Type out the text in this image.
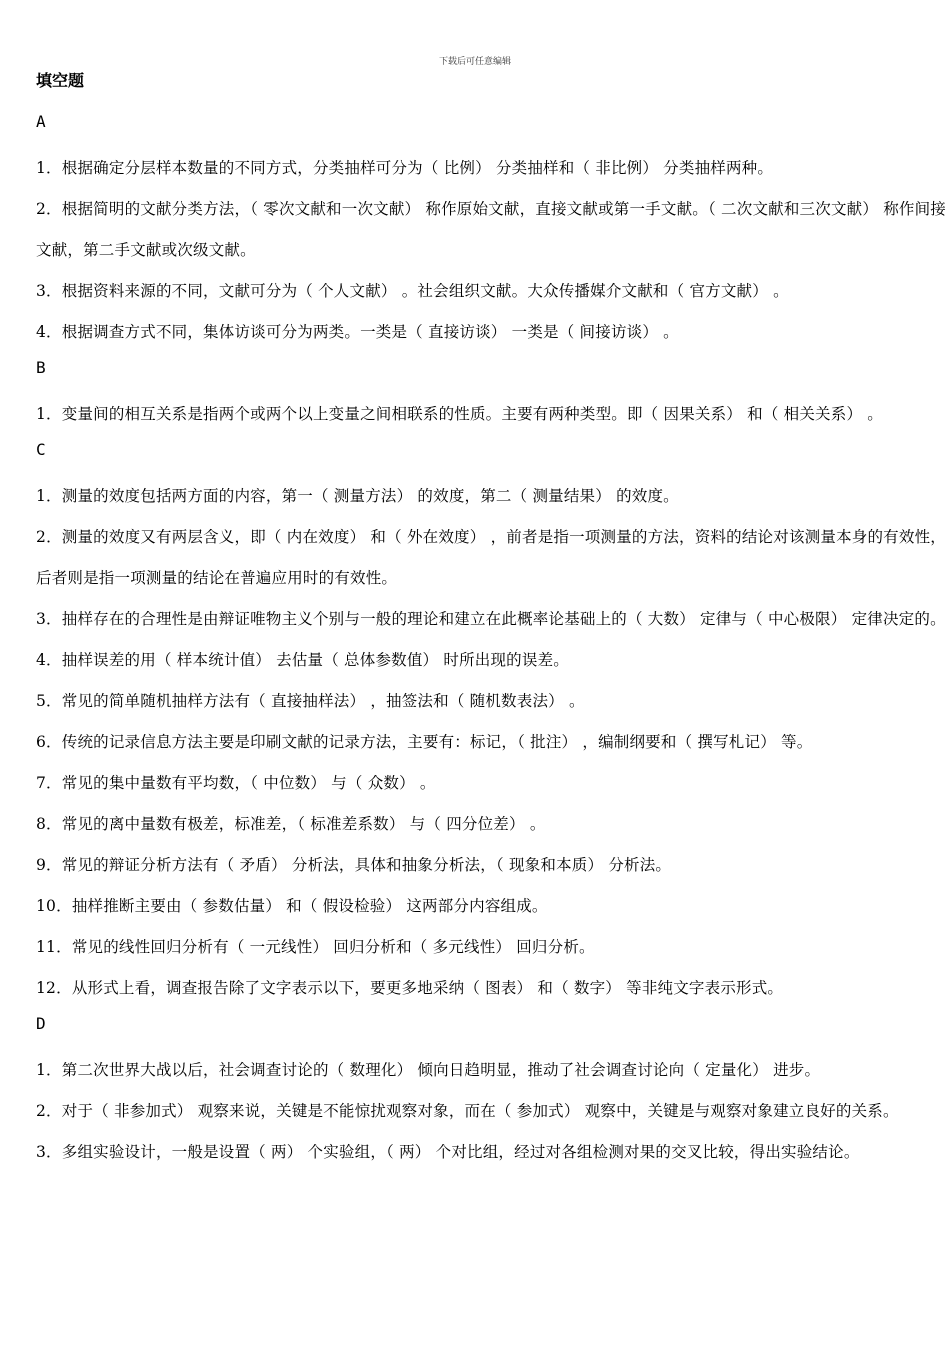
下载后可任意编辑
填空题
A
1．根据确定分层样本数量的不同方式，分类抽样可分为（ 比例） 分类抽样和（ 非比例） 分类抽样两种。
2．根据简明的文献分类方法，（ 零次文献和一次文献） 称作原始文献，直接文献或第一手文献。（ 二次文献和三次文献） 称作间接文献，第二手文献或次级文献。
3．根据资料来源的不同，文献可分为（ 个人文献） 。社会组织文献。大众传播媒介文献和（ 官方文献） 。
4．根据调查方式不同，集体访谈可分为两类。一类是（ 直接访谈） 一类是（ 间接访谈） 。
B
1．变量间的相互关系是指两个或两个以上变量之间相联系的性质。主要有两种类型。即（ 因果关系） 和（ 相关关系） 。
C
1．测量的效度包括两方面的内容，第一（ 测量方法） 的效度，第二（ 测量结果） 的效度。
2．测量的效度又有两层含义，即（ 内在效度） 和（ 外在效度） ，前者是指一项测量的方法，资料的结论对该测量本身的有效性，后者则是指一项测量的结论在普遍应用时的有效性。
3．抽样存在的合理性是由辩证唯物主义个别与一般的理论和建立在此概率论基础上的（ 大数） 定律与（ 中心极限） 定律决定的。
4．抽样误差的用（ 样本统计值） 去估量（ 总体参数值） 时所出现的误差。
5．常见的简单随机抽样方法有（ 直接抽样法） ，抽签法和（ 随机数表法） 。
6．传统的记录信息方法主要是印刷文献的记录方法，主要有：标记，（ 批注） ，编制纲要和（ 撰写札记） 等。
7．常见的集中量数有平均数，（ 中位数） 与（ 众数） 。
8．常见的离中量数有极差，标准差，（ 标准差系数） 与（ 四分位差） 。
9．常见的辩证分析方法有（ 矛盾） 分析法，具体和抽象分析法，（ 现象和本质） 分析法。
10．抽样推断主要由（ 参数估量） 和（ 假设检验） 这两部分内容组成。
11．常见的线性回归分析有（ 一元线性） 回归分析和（ 多元线性） 回归分析。
12．从形式上看，调查报告除了文字表示以下，要更多地采纳（ 图表） 和（ 数字） 等非纯文字表示形式。
D
1．第二次世界大战以后，社会调查讨论的（ 数理化） 倾向日趋明显，推动了社会调查讨论向（ 定量化） 进步。
2．对于（ 非参加式） 观察来说，关键是不能惊扰观察对象，而在（ 参加式） 观察中，关键是与观察对象建立良好的关系。
3．多组实验设计，一般是设置（ 两） 个实验组，（ 两） 个对比组，经过对各组检测对果的交叉比较，得出实验结论。
